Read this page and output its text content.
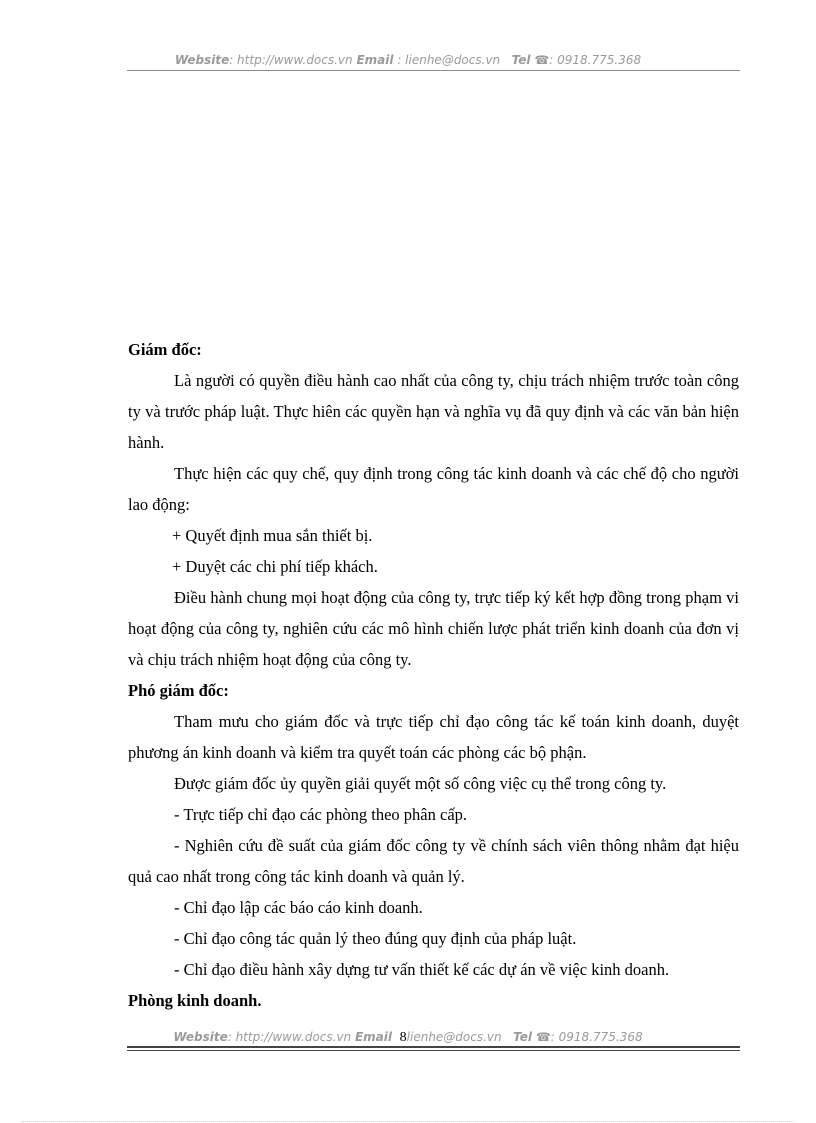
Website: http://www.docs.vn Email : lienhe@docs.vn Tel ☎: 0918.775.368

Giám đốc:

Là người có quyền điều hành cao nhất của công ty, chịu trách nhiệm trước toàn công ty và trước pháp luật. Thực hiên các quyền hạn và nghĩa vụ đã quy định và các văn bản hiện hành.

Thực hiện các quy chế, quy định trong công tác kinh doanh và các chế độ cho người lao động:

+ Quyết định mua sắn thiết bị.

+ Duyệt các chi phí tiếp khách.

Điều hành chung mọi hoạt động của công ty, trực tiếp ký kết hợp đồng trong phạm vi hoạt động của công ty, nghiên cứu các mô hình chiến lược phát triển kinh doanh của đơn vị và chịu trách nhiệm hoạt động của công ty.

Phó giám đốc:

Tham mưu cho giám đốc và trực tiếp chỉ đạo công tác kế toán kinh doanh, duyệt phương án kinh doanh và kiểm tra quyết toán các phòng các bộ phận.

Được giám đốc ủy quyền giải quyết một số công việc cụ thể trong công ty.

- Trực tiếp chỉ đạo các phòng theo phân cấp.

- Nghiên cứu đề suất của giám đốc công ty về chính sách viên thông nhằm đạt hiệu quả cao nhất trong công tác kinh doanh và quản lý.

- Chỉ đạo lập các báo cáo kinh doanh.

- Chỉ đạo công tác quản lý theo đúng quy định của pháp luật.

- Chỉ đạo điều hành xây dựng tư vấn thiết kế các dự án về việc kinh doanh.

Phòng kinh doanh.

Website: http://www.docs.vn Email 8lienhe@docs.vn Tel ☎: 0918.775.368
